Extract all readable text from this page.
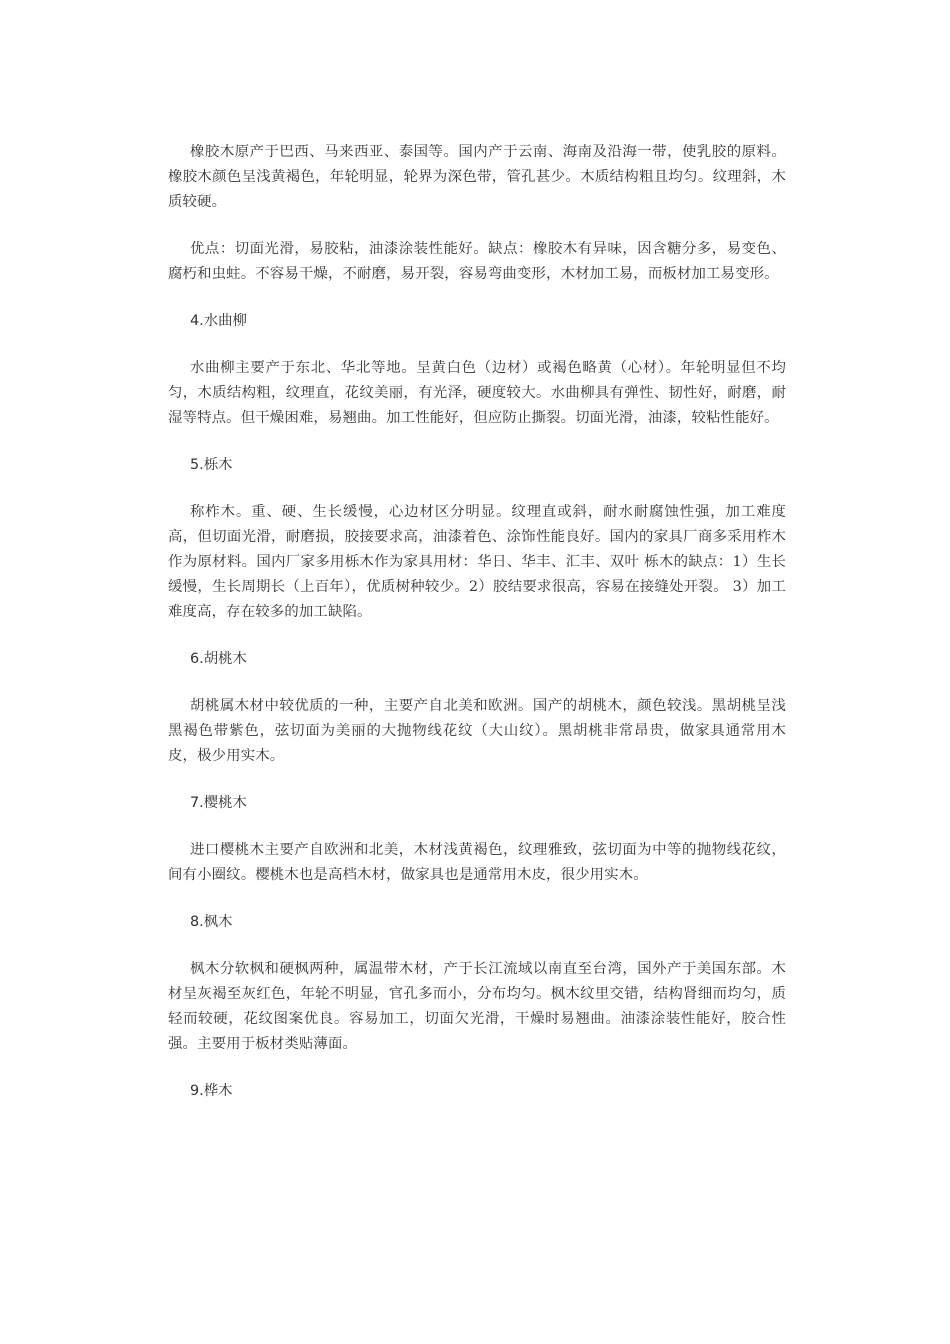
橡胶木原产于巴西、马来西亚、泰国等。国内产于云南、海南及沿海一带，使乳胶的原料。橡胶木颜色呈浅黄褐色，年轮明显，轮界为深色带，管孔甚少。木质结构粗且均匀。纹理斜，木质较硬。

优点：切面光滑，易胶粘，油漆涂装性能好。缺点：橡胶木有异味，因含糖分多，易变色、腐朽和虫蛀。不容易干燥，不耐磨，易开裂，容易弯曲变形，木材加工易，而板材加工易变形。

4.水曲柳

水曲柳主要产于东北、华北等地。呈黄白色（边材）或褐色略黄（心材）。年轮明显但不均匀，木质结构粗，纹理直，花纹美丽，有光泽，硬度较大。水曲柳具有弹性、韧性好，耐磨，耐湿等特点。但干燥困难，易翘曲。加工性能好，但应防止撕裂。切面光滑，油漆，较粘性能好。

5.栎木

称柞木。重、硬、生长缓慢，心边材区分明显。纹理直或斜，耐水耐腐蚀性强，加工难度高，但切面光滑，耐磨损，胶接要求高，油漆着色、涂饰性能良好。国内的家具厂商多采用柞木作为原材料。国内厂家多用栎木作为家具用材：华日、华丰、汇丰、双叶 栎木的缺点：1）生长缓慢，生长周期长（上百年），优质树种较少。2）胶结要求很高，容易在接缝处开裂。 3）加工难度高，存在较多的加工缺陷。

6.胡桃木

胡桃属木材中较优质的一种，主要产自北美和欧洲。国产的胡桃木，颜色较浅。黑胡桃呈浅黑褐色带紫色，弦切面为美丽的大抛物线花纹（大山纹）。黑胡桃非常昂贵，做家具通常用木皮，极少用实木。

7.樱桃木

进口樱桃木主要产自欧洲和北美，木材浅黄褐色，纹理雅致，弦切面为中等的抛物线花纹，间有小圈纹。樱桃木也是高档木材，做家具也是通常用木皮，很少用实木。

8.枫木

枫木分软枫和硬枫两种，属温带木材，产于长江流域以南直至台湾，国外产于美国东部。木材呈灰褐至灰红色，年轮不明显，官孔多而小，分布均匀。枫木纹里交错，结构肾细而均匀，质轻而较硬，花纹图案优良。容易加工，切面欠光滑，干燥时易翘曲。油漆涂装性能好，胶合性强。主要用于板材类贴薄面。

9.桦木
